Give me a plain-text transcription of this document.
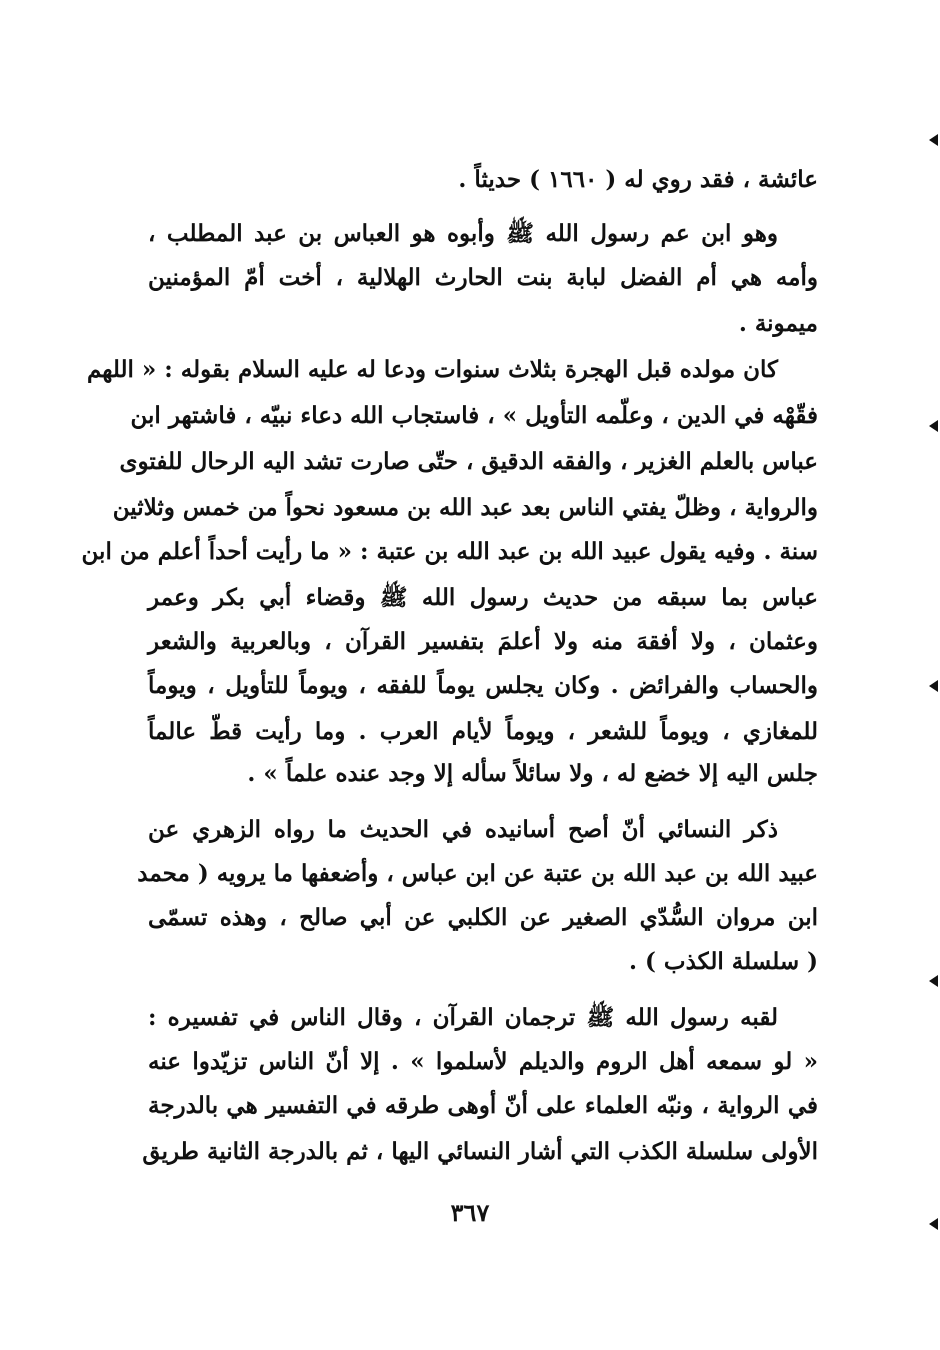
عائشة ، فقد روي له ( ١٦٦٠ ) حديثاً .
وهو ابن عم رسول الله ﷺ وأبوه هو العباس بن عبد المطلب ،
وأمه هي أم الفضل لبابة بنت الحارث الهلالية ، أخت أمّ المؤمنين
ميمونة .
كان مولده قبل الهجرة بثلاث سنوات ودعا له عليه السلام بقوله : « اللهم
فقّهْه في الدين ، وعلّمه التأويل » ، فاستجاب الله دعاء نبيّه ، فاشتهر ابن
عباس بالعلم الغزير ، والفقه الدقيق ، حتّى صارت تشد اليه الرحال للفتوى
والرواية ، وظلّ يفتي الناس بعد عبد الله بن مسعود نحواً من خمس وثلاثين
سنة . وفيه يقول عبيد الله بن عبد الله بن عتبة : « ما رأيت أحداً أعلم من ابن
عباس بما سبقه من حديث رسول الله ﷺ وقضاء أبي بكر وعمر
وعثمان ، ولا أفقهَ منه ولا أعلمَ بتفسير القرآن ، وبالعربية والشعر
والحساب والفرائض . وكان يجلس يوماً للفقه ، ويوماً للتأويل ، ويوماً
للمغازي ، ويوماً للشعر ، ويوماً لأيام العرب . وما رأيت قطّ عالماً
جلس اليه إلا خضع له ، ولا سائلاً سأله إلا وجد عنده علماً » .
ذكر النسائي أنّ أصح أسانيده في الحديث ما رواه الزهري عن
عبيد الله بن عبد الله بن عتبة عن ابن عباس ، وأضعفها ما يرويه ( محمد
ابن مروان السُّدّي الصغير عن الكلبي عن أبي صالح ، وهذه تسمّى
( سلسلة الكذب ) .
لقبه رسول الله ﷺ ترجمان القرآن ، وقال الناس في تفسيره :
« لو سمعه أهل الروم والديلم لأسلموا » . إلا أنّ الناس تزيّدوا عنه
في الرواية ، ونبّه العلماء على أنّ أوهى طرقه في التفسير هي بالدرجة
الأولى سلسلة الكذب التي أشار النسائي اليها ، ثم بالدرجة الثانية طريق
٣٦٧
